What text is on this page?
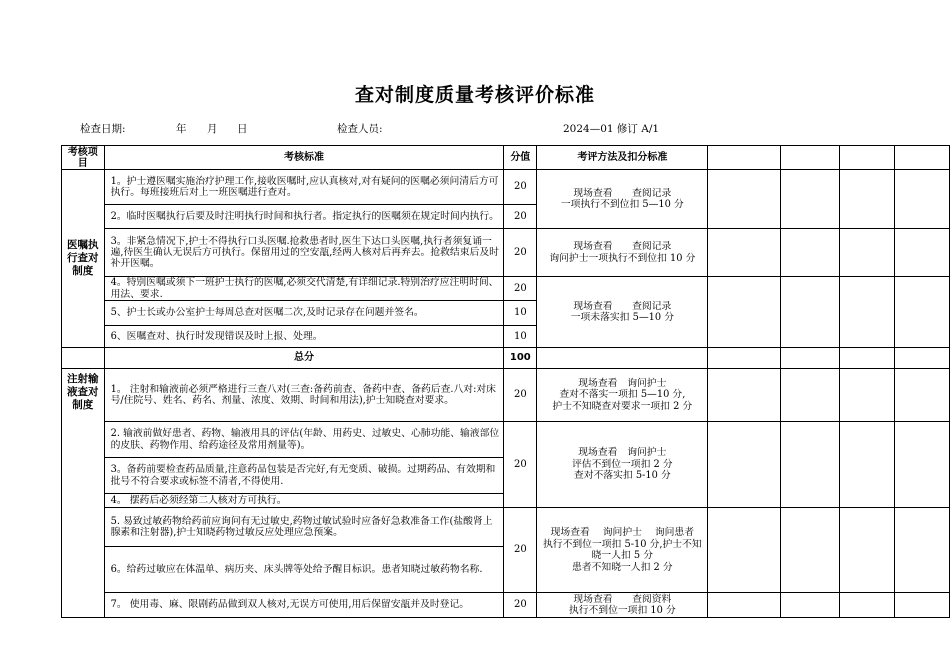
查对制度质量考核评价标准
检查日期:	年 月 日	检查人员:	2024—01 修订 A/1
考核项目	考核标准	分值	考评方法及扣分标准				
医嘱执行查对制度	1。护士遵医嘱实施治疗护理工作,接收医嘱时,应认真核对,对有疑问的医嘱必须问清后方可执行。每班接班后对上一班医嘱进行查对。	20	现场查看　　查阅记录
一项执行不到位扣 5—10 分				

	2。临时医嘱执行后要及时注明执行时间和执行者。指定执行的医嘱须在规定时间内执行。	20					
	3。非紧急情况下,护士不得执行口头医嘱.抢救患者时,医生下达口头医嘱,执行者须复诵一遍,待医生确认无误后方可执行。保留用过的空安瓿,经两人核对后再弃去。抢救结束后及时补开医嘱。	20	现场查看　　查阅记录
询问护士一项执行不到位扣 10 分				

	4。特别医嘱或须下一班护士执行的医嘱,必须交代清楚,有详细记录.特别治疗应注明时间、用法、要求.	20	现场查看　　查阅记录
一项未落实扣 5—10 分				

	5、护士长或办公室护士每周总查对医嘱二次,及时记录存在问题并签名。	10					
	6、医嘱查对、执行时发现错误及时上报、处理。	10					
	总分	100					
注射输液查对制度	1。 注射和输液前必须严格进行三查八对(三查:备药前查、备药中查、备药后查.八对:对床号/住院号、姓名、药名、剂量、浓度、效期、时间和用法),护士知晓查对要求。	20	现场查看　询问护士
查对不落实一项扣 5—10 分,
护士不知晓查对要求一项扣 2 分				

	2. 输液前做好患者、药物、输液用具的评估(年龄、用药史、过敏史、心肺功能、输液部位的皮肤、药物作用、给药途径及常用剂量等)。	20	现场查看　询问护士
评估不到位一项扣 2 分
查对不落实扣 5-10 分				

	3。备药前要检查药品质量,注意药品包装是否完好,有无变质、破损。过期药品、有效期和批号不符合要求或标签不清者,不得使用.						
	4。 摆药后必须经第二人核对方可执行。						
	5. 易致过敏药物给药前应询问有无过敏史,药物过敏试验时应备好急救准备工作(盐酸肾上腺素和注射器),护士知晓药物过敏反应处理应急预案。	20	现场查看　 询问护士　 询问患者
执行不到位一项扣 5-10 分,护士不知晓一人扣 5 分
患者不知晓一人扣 2 分				

	6。给药过敏应在体温单、病历夹、床头牌等处给予醒目标识。患者知晓过敏药物名称.						
	7。 使用毒、麻、限剧药品做到双人核对,无误方可使用,用后保留安瓿并及时登记。	20	现场查看　　查阅资料
执行不到位一项扣 10 分				
